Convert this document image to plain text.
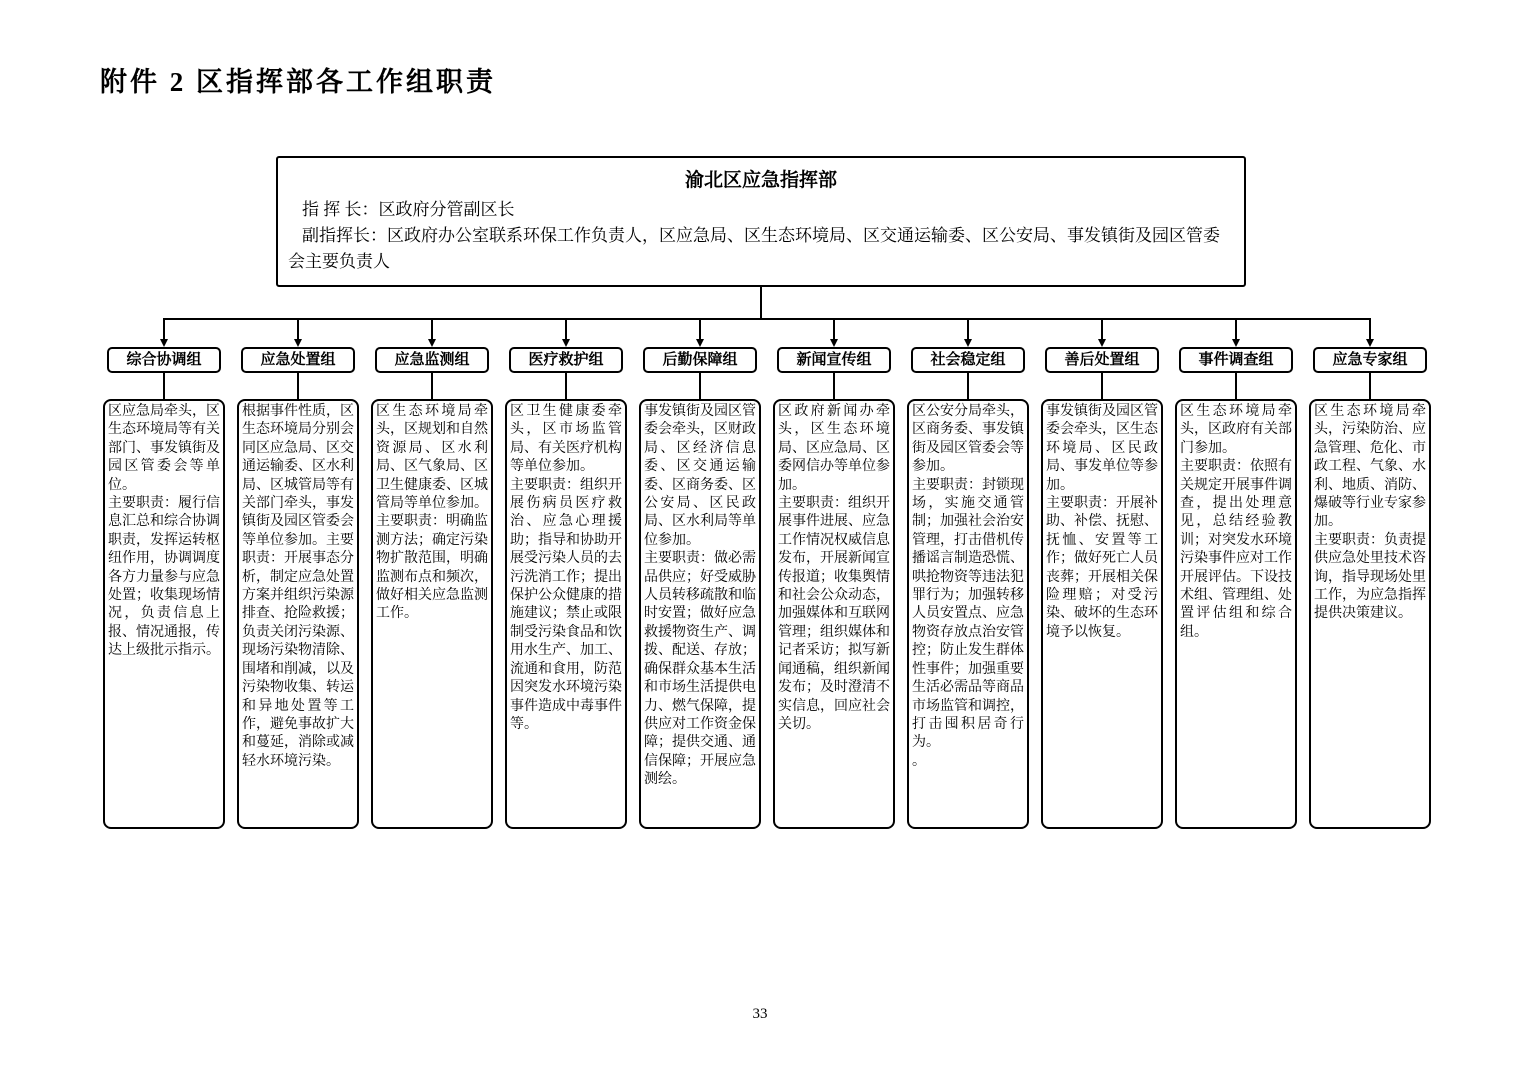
附件 2 区指挥部各工作组职责
渝北区应急指挥部
指 挥 长：区政府分管副区长
副指挥长：区政府办公室联系环保工作负责人，区应急局、区生态环境局、区交通运输委、区公安局、事发镇街及园区管委会主要负责人
综合协调组

区应急局牵头，区生态环境局等有关部门、事发镇街及园区管委会等单位。

主要职责：履行信息汇总和综合协调职责，发挥运转枢纽作用，协调调度各方力量参与应急处置；收集现场情况，负责信息上报、情况通报，传达上级批示指示。

应急处置组

根据事件性质，区生态环境局分别会同区应急局、区交通运输委、区水利局、区城管局等有关部门牵头，事发镇街及园区管委会等单位参加。主要职责：开展事态分析，制定应急处置方案并组织污染源排查、抢险救援；负责关闭污染源、现场污染物清除、围堵和削减，以及污染物收集、转运和异地处置等工作，避免事故扩大和蔓延，消除或减轻水环境污染。

应急监测组

区生态环境局牵头，区规划和自然资源局、区水利局、区气象局、区卫生健康委、区城管局等单位参加。

主要职责：明确监测方法；确定污染物扩散范围，明确监测布点和频次，做好相关应急监测工作。

医疗救护组

区卫生健康委牵头，区市场监管局、有关医疗机构等单位参加。

主要职责：组织开展伤病员医疗救治、应急心理援助；指导和协助开展受污染人员的去污洗消工作；提出保护公众健康的措施建议；禁止或限制受污染食品和饮用水生产、加工、流通和食用，防范因突发水环境污染事件造成中毒事件等。

后勤保障组

事发镇街及园区管委会牵头，区财政局、区经济信息委、区交通运输委、区商务委、区公安局、区民政局、区水利局等单位参加。

主要职责：做必需品供应；好受威胁人员转移疏散和临时安置；做好应急救援物资生产、调拨、配送、存放；确保群众基本生活和市场生活提供电力、燃气保障，提供应对工作资金保障；提供交通、通信保障；开展应急测绘。

新闻宣传组

区政府新闻办牵头，区生态环境局、区应急局、区委网信办等单位参加。

主要职责：组织开展事件进展、应急工作情况权威信息发布，开展新闻宣传报道；收集舆情和社会公众动态，加强媒体和互联网管理；组织媒体和记者采访；拟写新闻通稿，组织新闻发布；及时澄清不实信息，回应社会关切。

社会稳定组

区公安分局牵头，区商务委、事发镇街及园区管委会等参加。

主要职责：封锁现场，实施交通管制；加强社会治安管理，打击借机传播谣言制造恐慌、哄抢物资等违法犯罪行为；加强转移人员安置点、应急物资存放点治安管控；防止发生群体性事件；加强重要生活必需品等商品市场监管和调控，打击囤积居奇行为。

。

善后处置组

事发镇街及园区管委会牵头，区生态环境局、区民政局、事发单位等参加。

主要职责：开展补助、补偿、抚慰、抚恤、安置等工作；做好死亡人员丧葬；开展相关保险理赔；对受污染、破坏的生态环境予以恢复。

事件调查组

区生态环境局牵头，区政府有关部门参加。

主要职责：依照有关规定开展事件调查，提出处理意见，总结经验教训；对突发水环境污染事件应对工作开展评估。下设技术组、管理组、处置评估组和综合组。

应急专家组

区生态环境局牵头，污染防治、应急管理、危化、市政工程、气象、水利、地质、消防、爆破等行业专家参加。

主要职责：负责提供应急处里技术咨询，指导现场处里工作，为应急指挥提供决策建议。

33
